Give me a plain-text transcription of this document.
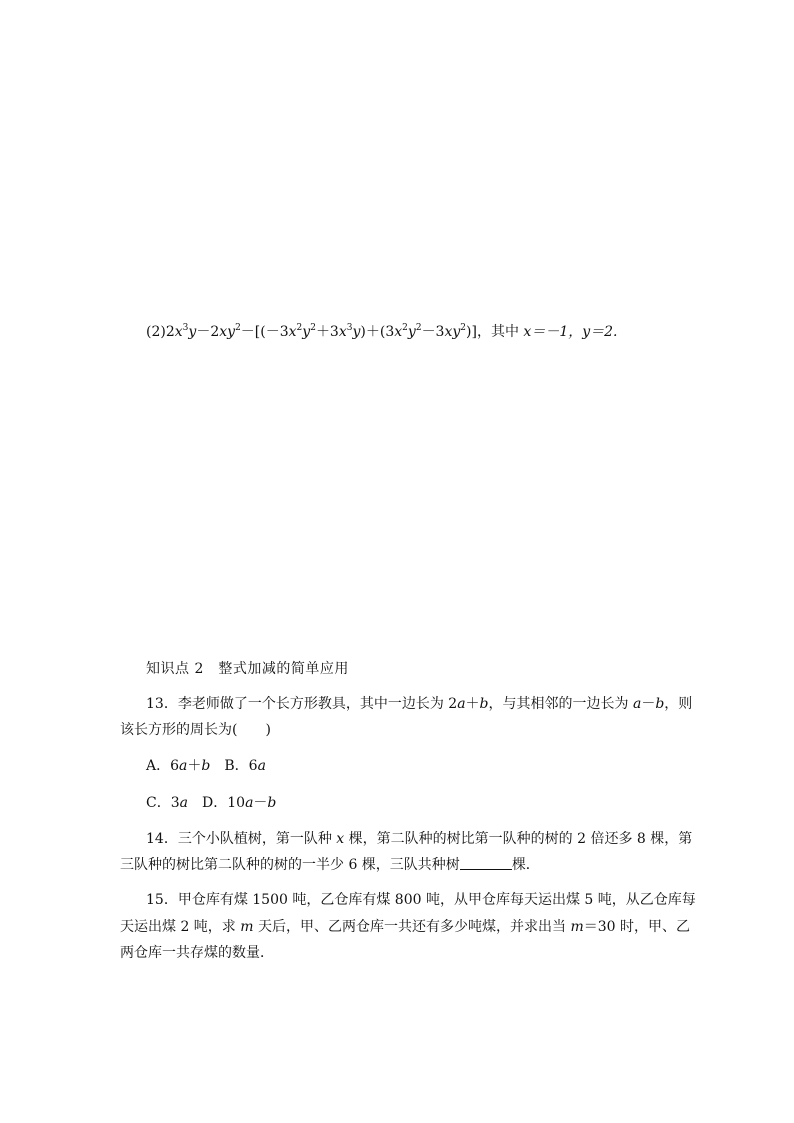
$(2)2x^3y-2xy^2-[(-3x^2y^2+3x^3y)+(3x^2y^2-3xy^2)]$，其中 x＝－1，y＝2.
知识点 2　整式加减的简单应用
13．李老师做了一个长方形教具，其中一边长为 2a＋b，与其相邻的一边长为 a－b，则
该长方形的周长为(　　)
A．6a＋b　 B．6a
C．3a　 D．10a－b
14．三个小队植树，第一队种 x 棵，第二队种的树比第一队种的树的 2 倍还多 8 棵，第
三队种的树比第二队种的树的一半少 6 棵，三队共种树	棵．
15．甲仓库有煤 1500 吨，乙仓库有煤 800 吨，从甲仓库每天运出煤 5 吨，从乙仓库每
天运出煤 2 吨，求 m 天后，甲、乙两仓库一共还有多少吨煤，并求出当 m＝30 时，甲、乙
两仓库一共存煤的数量．
